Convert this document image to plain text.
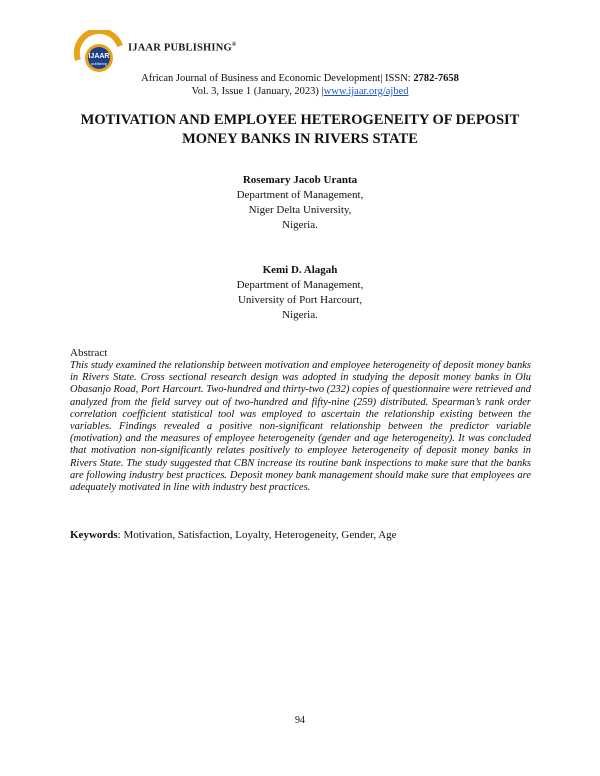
IJAAR
publishing
IJAAR PUBLISHING®
African Journal of Business and Economic Development| ISSN: 2782-7658
Vol. 3, Issue 1 (January, 2023) |www.ijaar.org/ajbed
MOTIVATION AND EMPLOYEE HETEROGENEITY OF DEPOSIT MONEY BANKS IN RIVERS STATE
Rosemary Jacob Uranta
Department of Management,
Niger Delta University,
Nigeria.
Kemi D. Alagah
Department of Management,
University of Port Harcourt,
Nigeria.
Abstract
This study examined the relationship between motivation and employee heterogeneity of deposit money banks in Rivers State. Cross sectional research design was adopted in studying the deposit money banks in Olu Obasanjo Road, Port Harcourt. Two-hundred and thirty-two (232) copies of questionnaire were retrieved and analyzed from the field survey out of two-hundred and fifty-nine (259) distributed. Spearman’s rank order correlation coefficient statistical tool was employed to ascertain the relationship existing between the variables. Findings revealed a positive non-significant relationship between the predictor variable (motivation) and the measures of employee heterogeneity (gender and age heterogeneity). It was concluded that motivation non-significantly relates positively to employee heterogeneity of deposit money banks in Rivers State. The study suggested that CBN increase its routine bank inspections to make sure that the banks are following industry best practices. Deposit money bank management should make sure that employees are adequately motivated in line with industry best practices.
Keywords: Motivation, Satisfaction, Loyalty, Heterogeneity, Gender, Age
94
